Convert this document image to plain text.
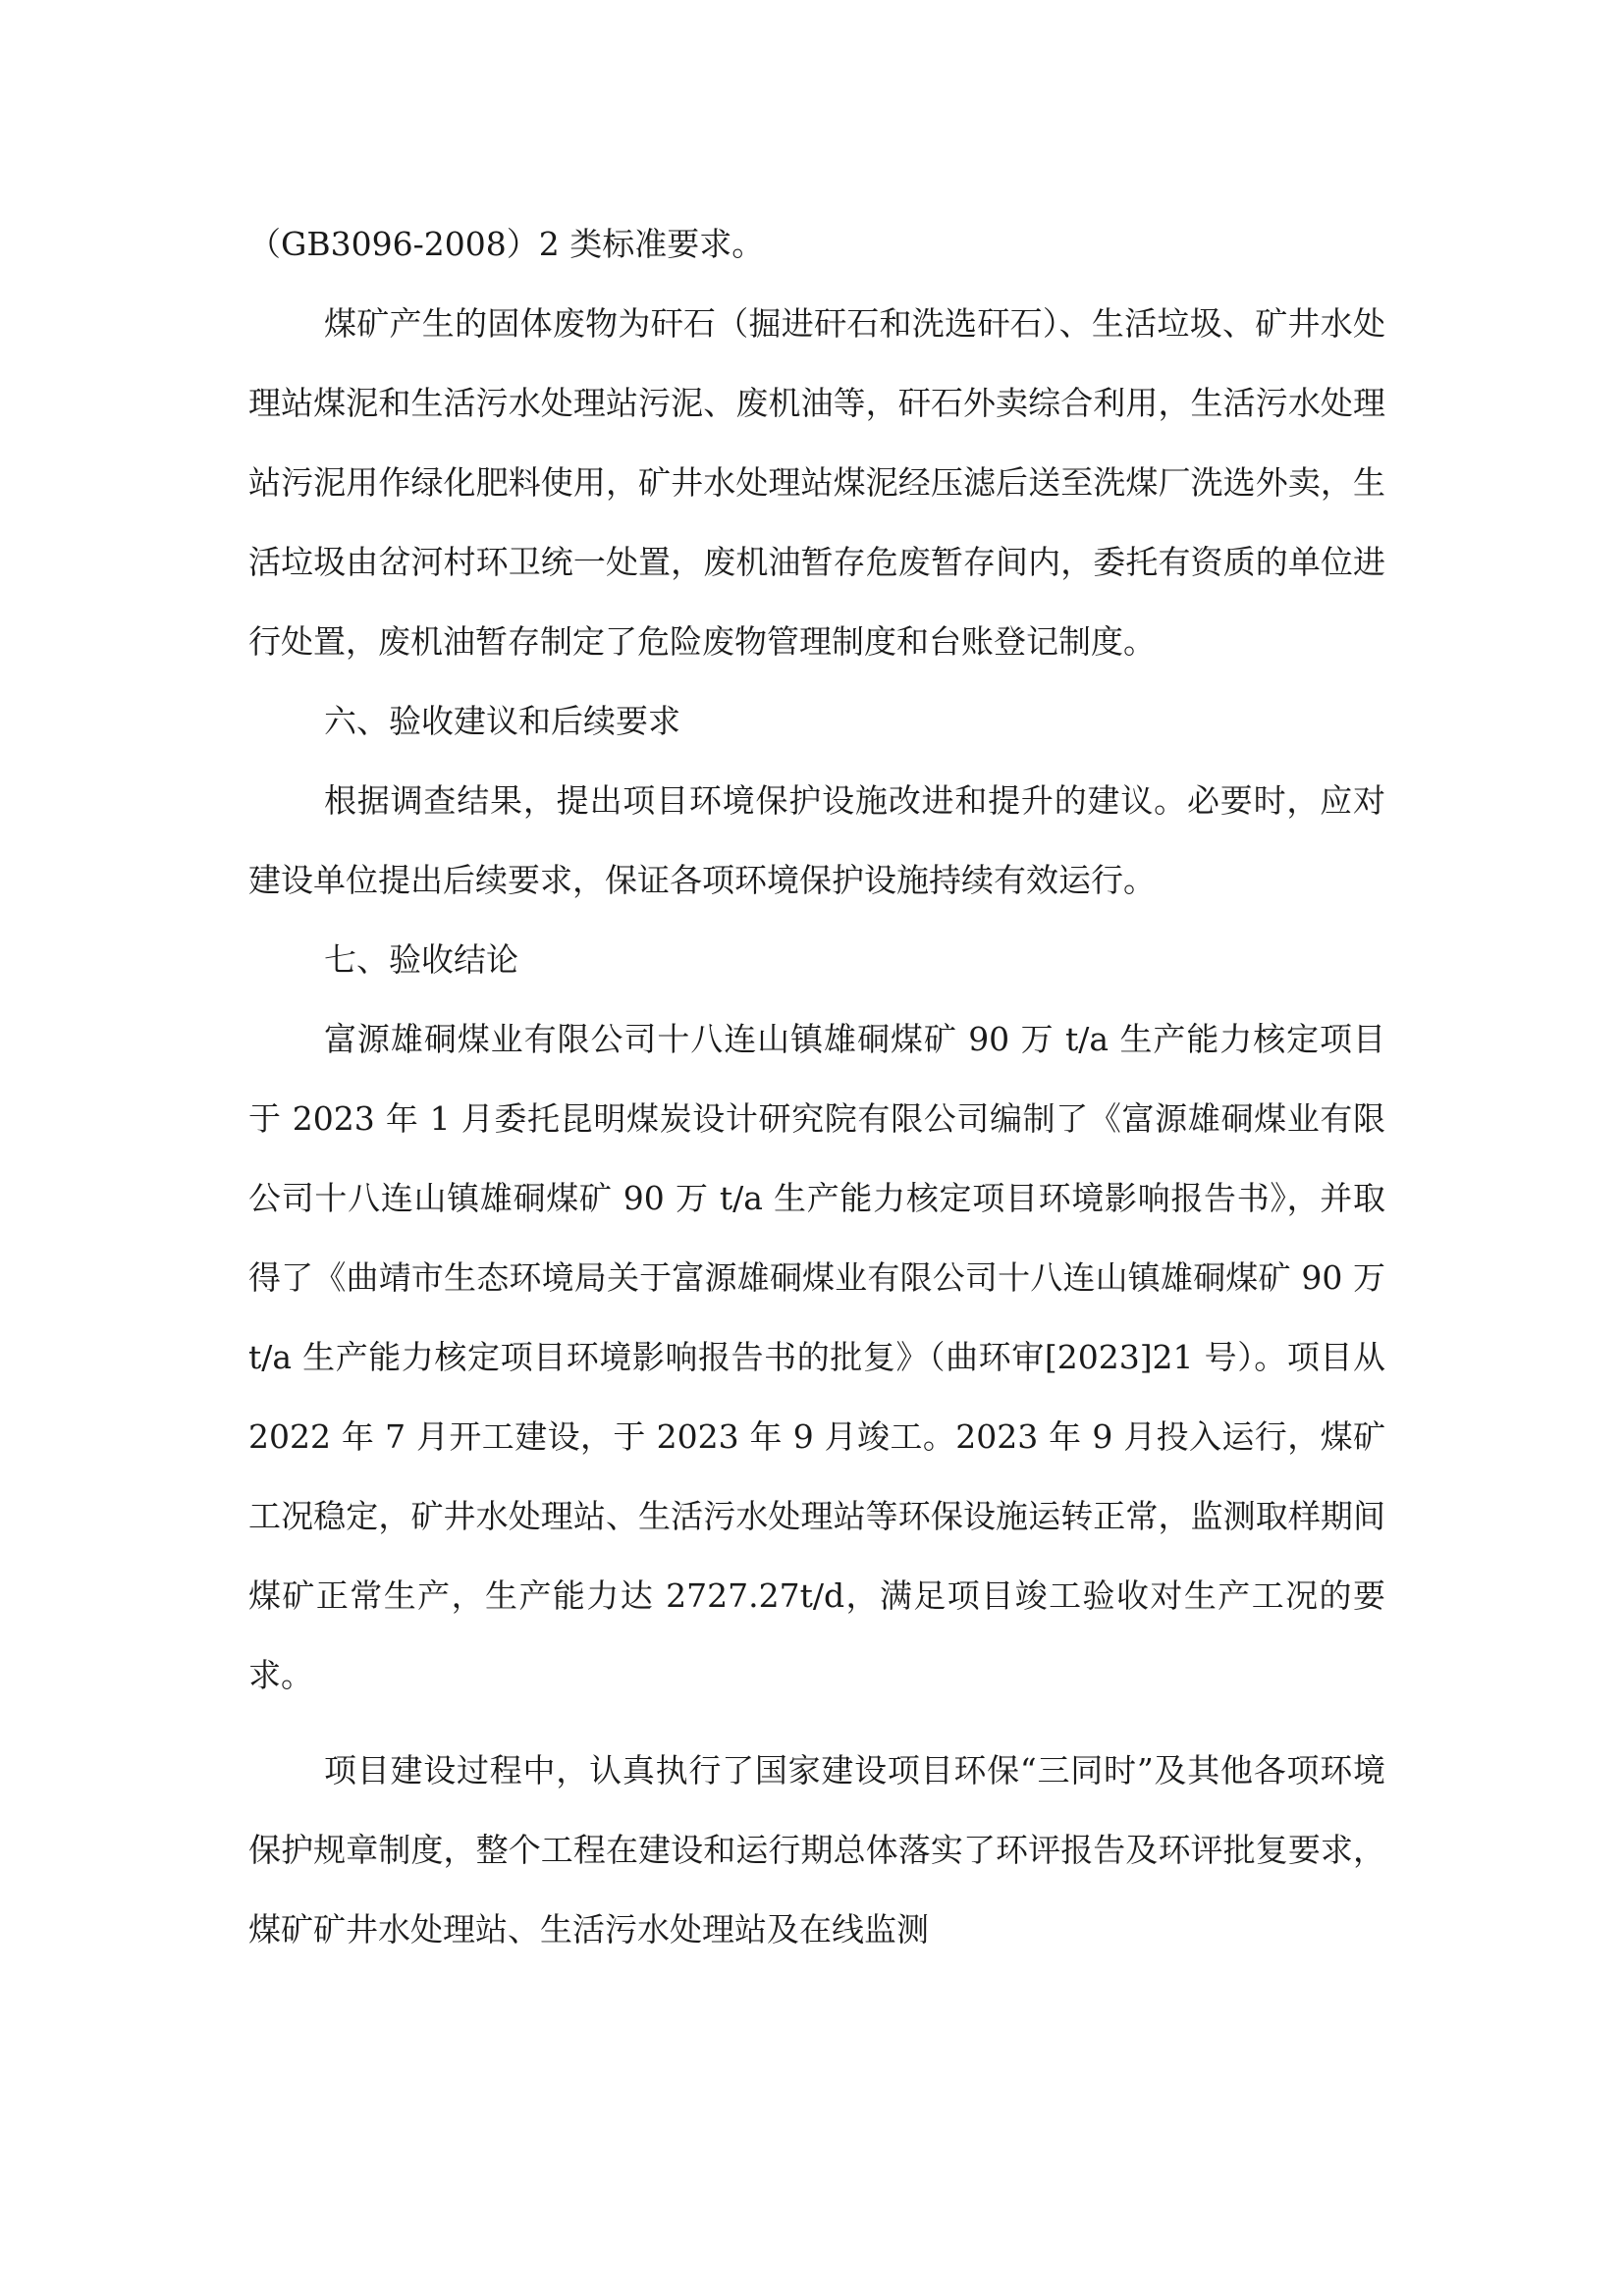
（GB3096-2008）2 类标准要求。

煤矿产生的固体废物为矸石（掘进矸石和洗选矸石）、生活垃圾、矿井水处理站煤泥和生活污水处理站污泥、废机油等，矸石外卖综合利用，生活污水处理站污泥用作绿化肥料使用，矿井水处理站煤泥经压滤后送至洗煤厂洗选外卖，生活垃圾由岔河村环卫统一处置，废机油暂存危废暂存间内，委托有资质的单位进行处置，废机油暂存制定了危险废物管理制度和台账登记制度。

六、验收建议和后续要求

根据调查结果，提出项目环境保护设施改进和提升的建议。必要时，应对建设单位提出后续要求，保证各项环境保护设施持续有效运行。

七、验收结论

富源雄硐煤业有限公司十八连山镇雄硐煤矿 90 万 t/a 生产能力核定项目于 2023 年 1 月委托昆明煤炭设计研究院有限公司编制了《富源雄硐煤业有限公司十八连山镇雄硐煤矿 90 万 t/a 生产能力核定项目环境影响报告书》，并取得了《曲靖市生态环境局关于富源雄硐煤业有限公司十八连山镇雄硐煤矿 90 万 t/a 生产能力核定项目环境影响报告书的批复》（曲环审[2023]21 号）。项目从 2022 年 7 月开工建设，于 2023 年 9 月竣工。2023 年 9 月投入运行，煤矿工况稳定，矿井水处理站、生活污水处理站等环保设施运转正常，监测取样期间煤矿正常生产，生产能力达 2727.27t/d，满足项目竣工验收对生产工况的要求。

项目建设过程中，认真执行了国家建设项目环保“三同时”及其他各项环境保护规章制度，整个工程在建设和运行期总体落实了环评报告及环评批复要求，煤矿矿井水处理站、生活污水处理站及在线监测
